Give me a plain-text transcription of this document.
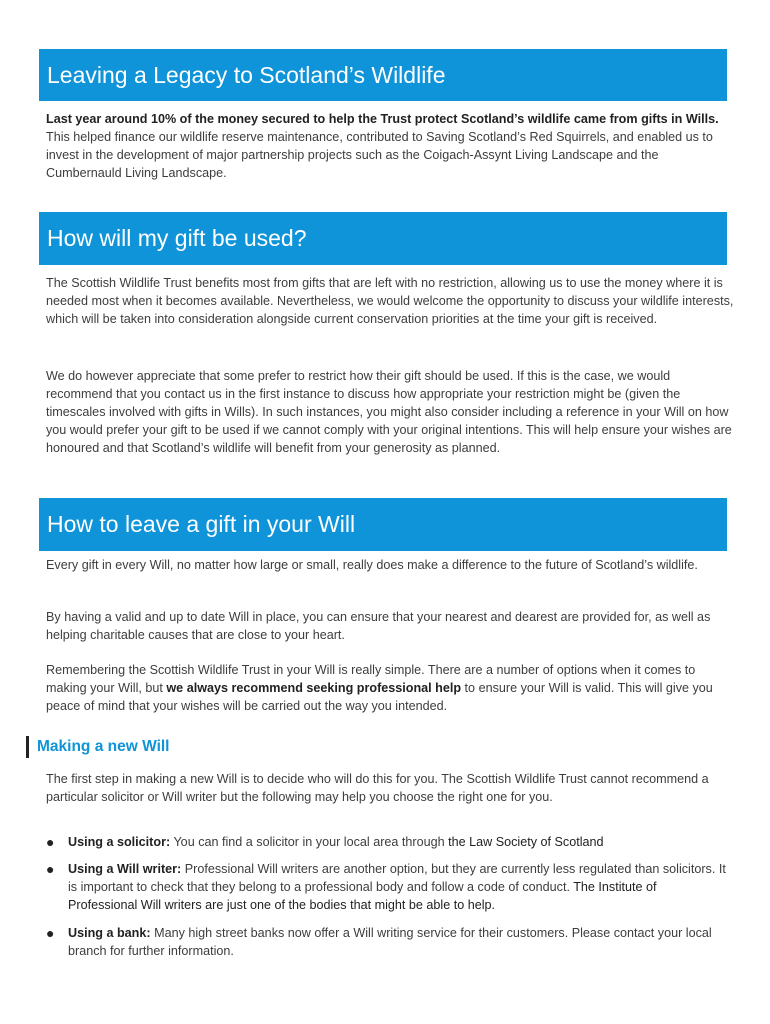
Leaving a Legacy to Scotland’s Wildlife

Last year around 10% of the money secured to help the Trust protect Scotland’s wildlife came from gifts in Wills. This helped finance our wildlife reserve maintenance, contributed to Saving Scotland’s Red Squirrels, and enabled us to invest in the development of major partnership projects such as the Coigach-Assynt Living Landscape and the Cumbernauld Living Landscape.

How will my gift be used?

The Scottish Wildlife Trust benefits most from gifts that are left with no restriction, allowing us to use the money where it is needed most when it becomes available. Nevertheless, we would welcome the opportunity to discuss your wildlife interests, which will be taken into consideration alongside current conservation priorities at the time your gift is received.

We do however appreciate that some prefer to restrict how their gift should be used. If this is the case, we would recommend that you contact us in the first instance to discuss how appropriate your restriction might be (given the timescales involved with gifts in Wills). In such instances, you might also consider including a reference in your Will on how you would prefer your gift to be used if we cannot comply with your original intentions. This will help ensure your wishes are honoured and that Scotland’s wildlife will benefit from your generosity as planned.

How to leave a gift in your Will

Every gift in every Will, no matter how large or small, really does make a difference to the future of Scotland’s wildlife.

By having a valid and up to date Will in place, you can ensure that your nearest and dearest are provided for, as well as helping charitable causes that are close to your heart.

Remembering the Scottish Wildlife Trust in your Will is really simple. There are a number of options when it comes to making your Will, but we always recommend seeking professional help to ensure your Will is valid. This will give you peace of mind that your wishes will be carried out the way you intended.

Making a new Will

The first step in making a new Will is to decide who will do this for you. The Scottish Wildlife Trust cannot recommend a particular solicitor or Will writer but the following may help you choose the right one for you.

● Using a solicitor: You can find a solicitor in your local area through the Law Society of Scotland
● Using a Will writer: Professional Will writers are another option, but they are currently less regulated than solicitors. It is important to check that they belong to a professional body and follow a code of conduct. The Institute of Professional Will writers are just one of the bodies that might be able to help.
● Using a bank: Many high street banks now offer a Will writing service for their customers. Please contact your local branch for further information.
